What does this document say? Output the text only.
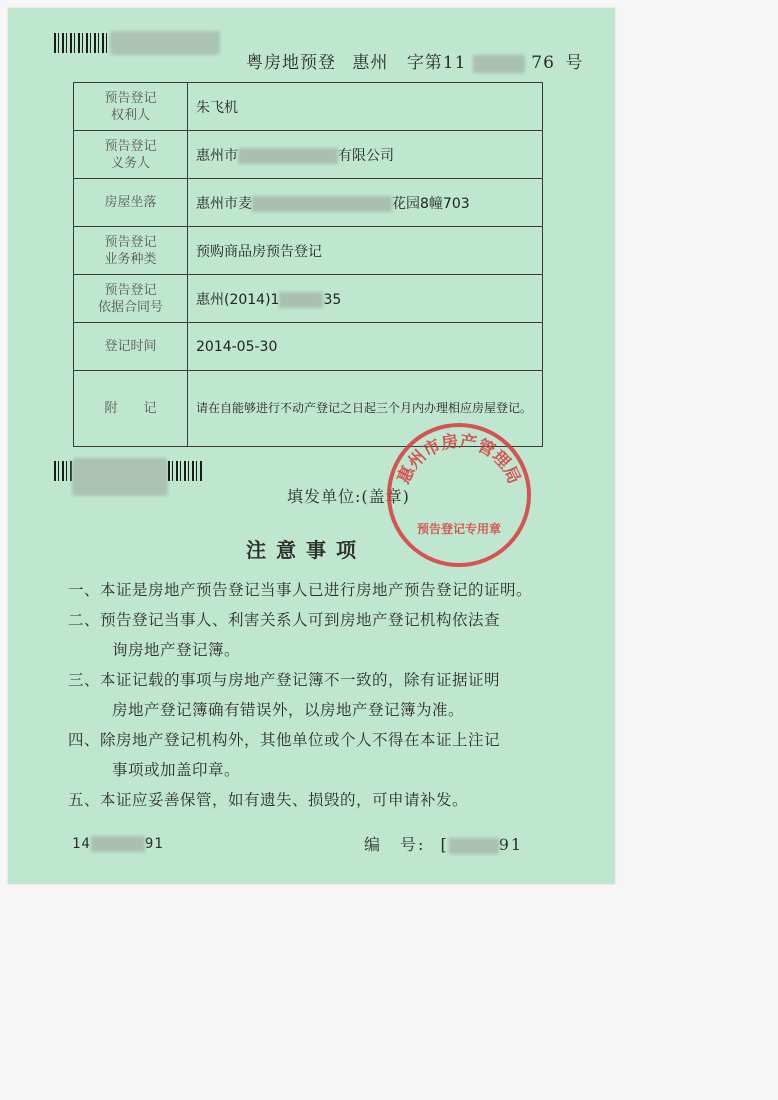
粤房地预登 惠州 字第11	76 号
预告登记
权利人	朱飞机

预告登记
义务人	惠州市 有限公司

房屋坐落	惠州市麦 花园8幢703

预告登记
业务种类	预购商品房预告登记

预告登记
依据合同号	惠州(2014)1 35

登记时间	2014-05-30

附　　记	请在自能够进行不动产登记之日起三个月内办理相应房屋登记。
填发单位:(盖章)
惠州市房产管理局
预告登记专用章
注意事项
一、本证是房地产预告登记当事人已进行房地产预告登记的证明。
二、预告登记当事人、利害关系人可到房地产登记机构依法查
询房地产登记簿。
三、本证记载的事项与房地产登记簿不一致的，除有证据证明
房地产登记簿确有错误外，以房地产登记簿为准。
四、除房地产登记机构外，其他单位或个人不得在本证上注记
事项或加盖印章。
五、本证应妥善保管，如有遗失、损毁的，可申请补发。
14	91	编　号: [	91
